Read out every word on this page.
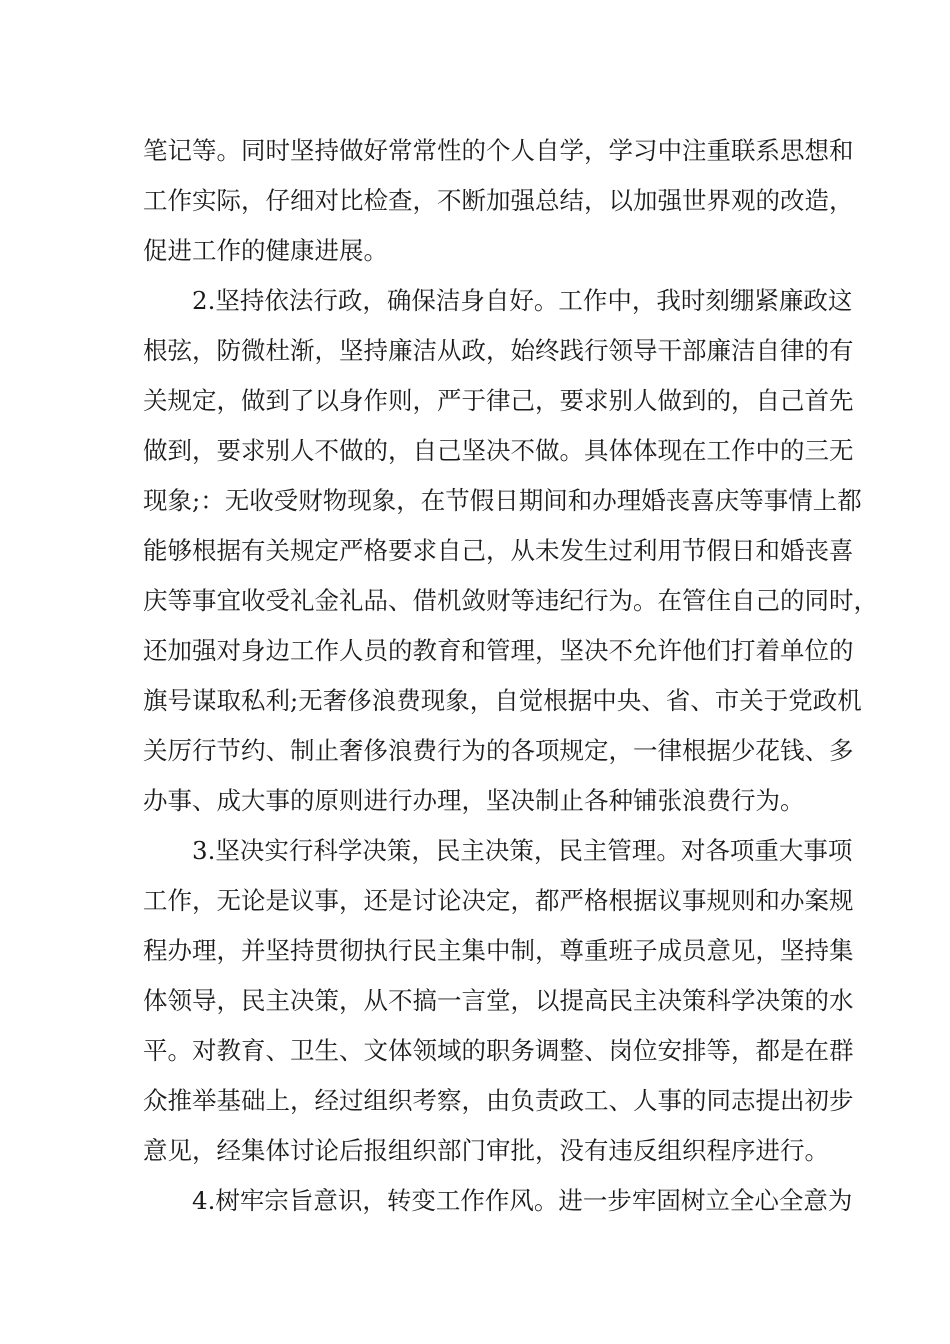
笔记等。同时坚持做好常常性的个人自学，学习中注重联系思想和
工作实际，仔细对比检查，不断加强总结，以加强世界观的改造，
促进工作的健康进展。
2.坚持依法行政，确保洁身自好。工作中，我时刻绷紧廉政这
根弦，防微杜渐，坚持廉洁从政，始终践行领导干部廉洁自律的有
关规定，做到了以身作则，严于律己，要求别人做到的，自己首先
做到，要求别人不做的，自己坚决不做。具体体现在工作中的三无
现象;：无收受财物现象，在节假日期间和办理婚丧喜庆等事情上都
能够根据有关规定严格要求自己，从未发生过利用节假日和婚丧喜
庆等事宜收受礼金礼品、借机敛财等违纪行为。在管住自己的同时，
还加强对身边工作人员的教育和管理，坚决不允许他们打着单位的
旗号谋取私利;无奢侈浪费现象，自觉根据中央、省、市关于党政机
关厉行节约、制止奢侈浪费行为的各项规定，一律根据少花钱、多
办事、成大事的原则进行办理，坚决制止各种铺张浪费行为。
3.坚决实行科学决策，民主决策，民主管理。对各项重大事项
工作，无论是议事，还是讨论决定，都严格根据议事规则和办案规
程办理，并坚持贯彻执行民主集中制，尊重班子成员意见，坚持集
体领导，民主决策，从不搞一言堂，以提高民主决策科学决策的水
平。对教育、卫生、文体领域的职务调整、岗位安排等，都是在群
众推举基础上，经过组织考察，由负责政工、人事的同志提出初步
意见，经集体讨论后报组织部门审批，没有违反组织程序进行。
4.树牢宗旨意识，转变工作作风。进一步牢固树立全心全意为
